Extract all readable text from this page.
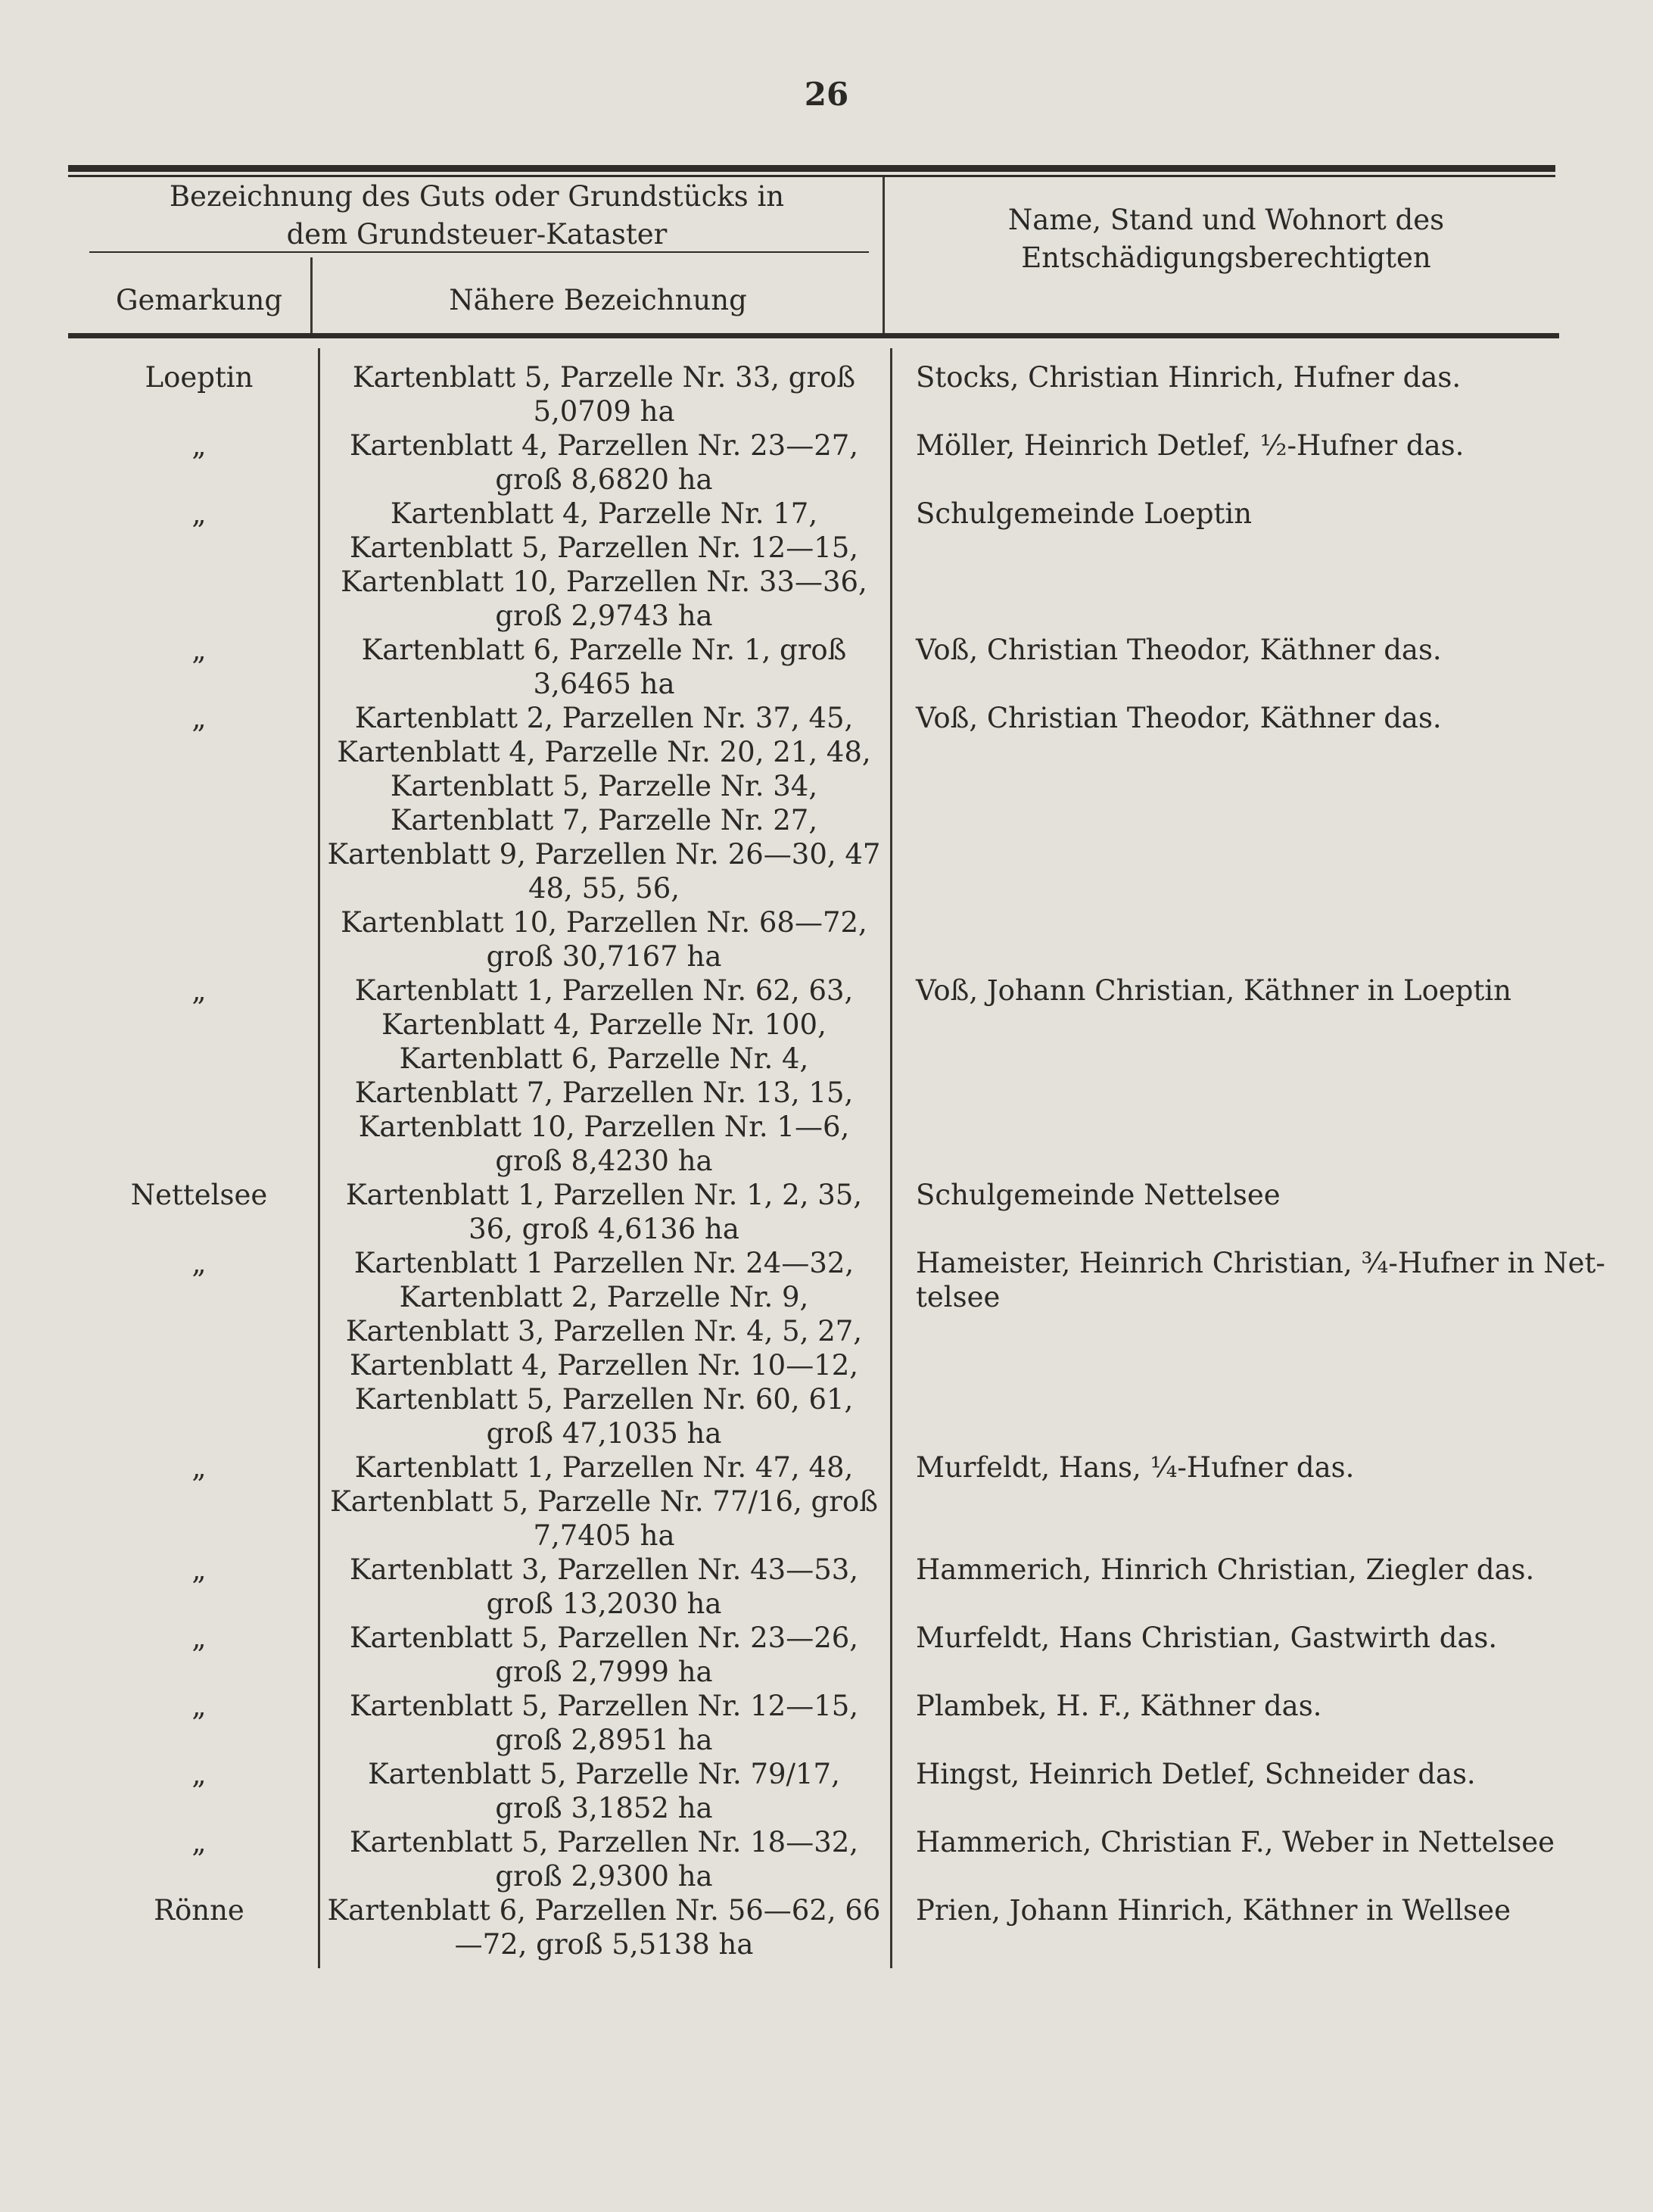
26
Bezeichnung des Guts oder Grundstücks in
dem Grundsteuer-Kataster
Gemarkung	Nähere Bezeichnung
Name, Stand und Wohnort des
Entschädigungsberechtigten
Loeptin	Kartenblatt 5, Parzelle Nr. 33, groß
5,0709 ha
Stocks, Christian Hinrich, Hufner das.
„	Kartenblatt 4, Parzellen Nr. 23—27,
groß 8,6820 ha
Möller, Heinrich Detlef, ½-Hufner das.
„	Kartenblatt 4, Parzelle Nr. 17,
Kartenblatt 5, Parzellen Nr. 12—15,
Kartenblatt 10, Parzellen Nr. 33—36,
groß 2,9743 ha
Schulgemeinde Loeptin
„	Kartenblatt 6, Parzelle Nr. 1, groß
3,6465 ha
Voß, Christian Theodor, Käthner das.
„	Kartenblatt 2, Parzellen Nr. 37, 45,
Kartenblatt 4, Parzelle Nr. 20, 21, 48,
Kartenblatt 5, Parzelle Nr. 34,
Kartenblatt 7, Parzelle Nr. 27,
Kartenblatt 9, Parzellen Nr. 26—30, 47
48, 55, 56,
Kartenblatt 10, Parzellen Nr. 68—72,
groß 30,7167 ha
Voß, Christian Theodor, Käthner das.
„	Kartenblatt 1, Parzellen Nr. 62, 63,
Kartenblatt 4, Parzelle Nr. 100,
Kartenblatt 6, Parzelle Nr. 4,
Kartenblatt 7, Parzellen Nr. 13, 15,
Kartenblatt 10, Parzellen Nr. 1—6,
groß 8,4230 ha
Voß, Johann Christian, Käthner in Loeptin
Nettelsee	Kartenblatt 1, Parzellen Nr. 1, 2, 35,
36, groß 4,6136 ha
Schulgemeinde Nettelsee
„	Kartenblatt 1 Parzellen Nr. 24—32,
Kartenblatt 2, Parzelle Nr. 9,
Kartenblatt 3, Parzellen Nr. 4, 5, 27,
Kartenblatt 4, Parzellen Nr. 10—12,
Kartenblatt 5, Parzellen Nr. 60, 61,
groß 47,1035 ha
Hameister, Heinrich Christian, ¾-Hufner in Net-
telsee
„	Kartenblatt 1, Parzellen Nr. 47, 48,
Kartenblatt 5, Parzelle Nr. 77/16, groß
7,7405 ha
Murfeldt, Hans, ¼-Hufner das.
„	Kartenblatt 3, Parzellen Nr. 43—53,
groß 13,2030 ha
Hammerich, Hinrich Christian, Ziegler das.
„	Kartenblatt 5, Parzellen Nr. 23—26,
groß 2,7999 ha
Murfeldt, Hans Christian, Gastwirth das.
„	Kartenblatt 5, Parzellen Nr. 12—15,
groß 2,8951 ha
Plambek, H. F., Käthner das.
„	Kartenblatt 5, Parzelle Nr. 79/17,
groß 3,1852 ha
Hingst, Heinrich Detlef, Schneider das.
„	Kartenblatt 5, Parzellen Nr. 18—32,
groß 2,9300 ha
Hammerich, Christian F., Weber in Nettelsee
Rönne	Kartenblatt 6, Parzellen Nr. 56—62, 66
—72, groß 5,5138 ha
Prien, Johann Hinrich, Käthner in Wellsee
